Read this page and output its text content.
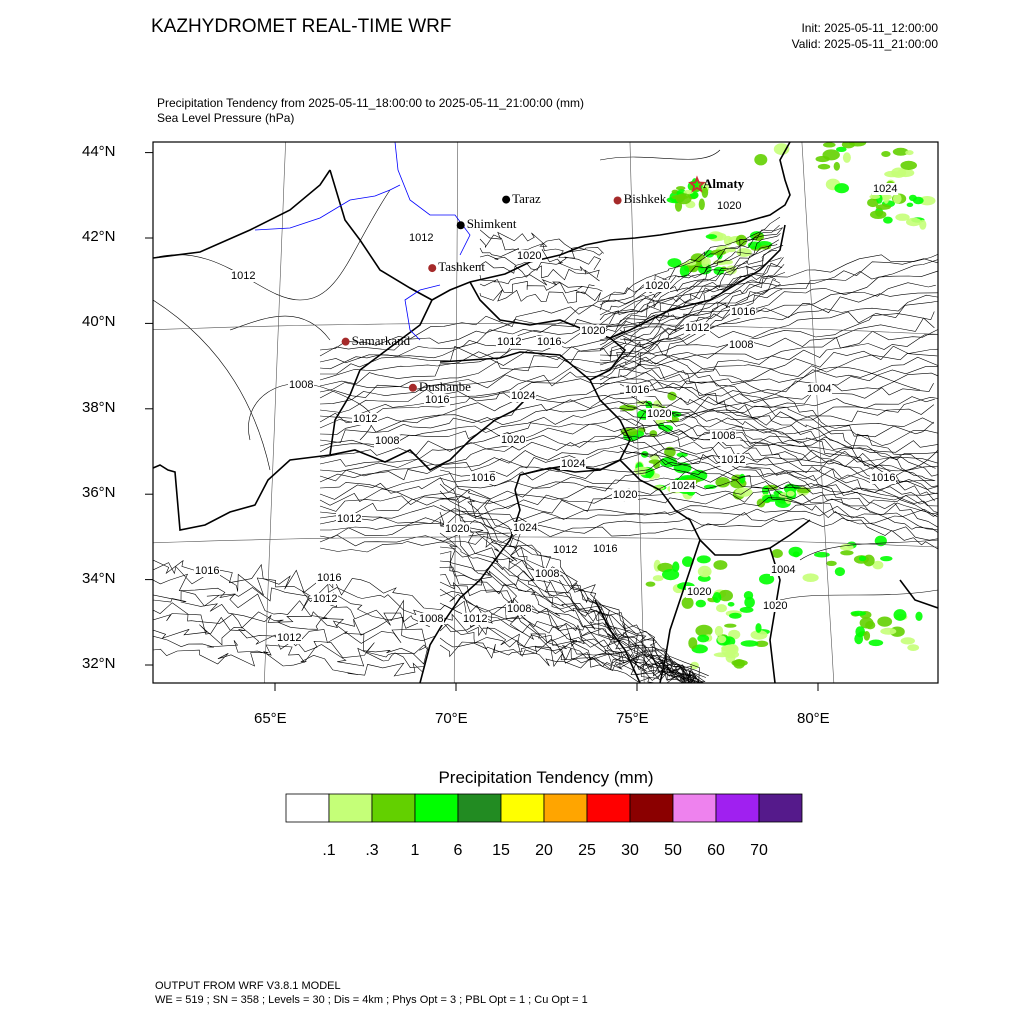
KAZHYDROMET REAL-TIME WRF	Init: 2025-05-11_12:00:00
Valid: 2025-05-11_21:00:00
Precipitation Tendency from 2025-05-11_18:00:00 to 2025-05-11_21:00:00 (mm)
Sea Level Pressure (hPa)
44°N
42°N
40°N
38°N
36°N
34°N
32°N
65°E	70°E	75°E	80°E
Taraz
Shimkent
Bishkek
Almaty
Tashkent
Samarkand
Dushanbe
1012
1012
1020
1020
1020
1012
1016
1020
1012 1016	1008
1008	1016
1024
1016
1020
1004
1012
1020
1008	1008
1012
1016
1024
1016
1024
1020
1012
1020
1016
1024
1012
1008
1016
1012
1016
1012
1008 1012
1008
1004
1024
1020
1020
Precipitation Tendency (mm)
.1	.3	1	6	15	20	25	30	50	60	70
OUTPUT FROM WRF V3.8.1 MODEL
WE = 519 ; SN = 358 ; Levels = 30 ; Dis = 4km ; Phys Opt = 3 ; PBL Opt = 1 ; Cu Opt = 1
